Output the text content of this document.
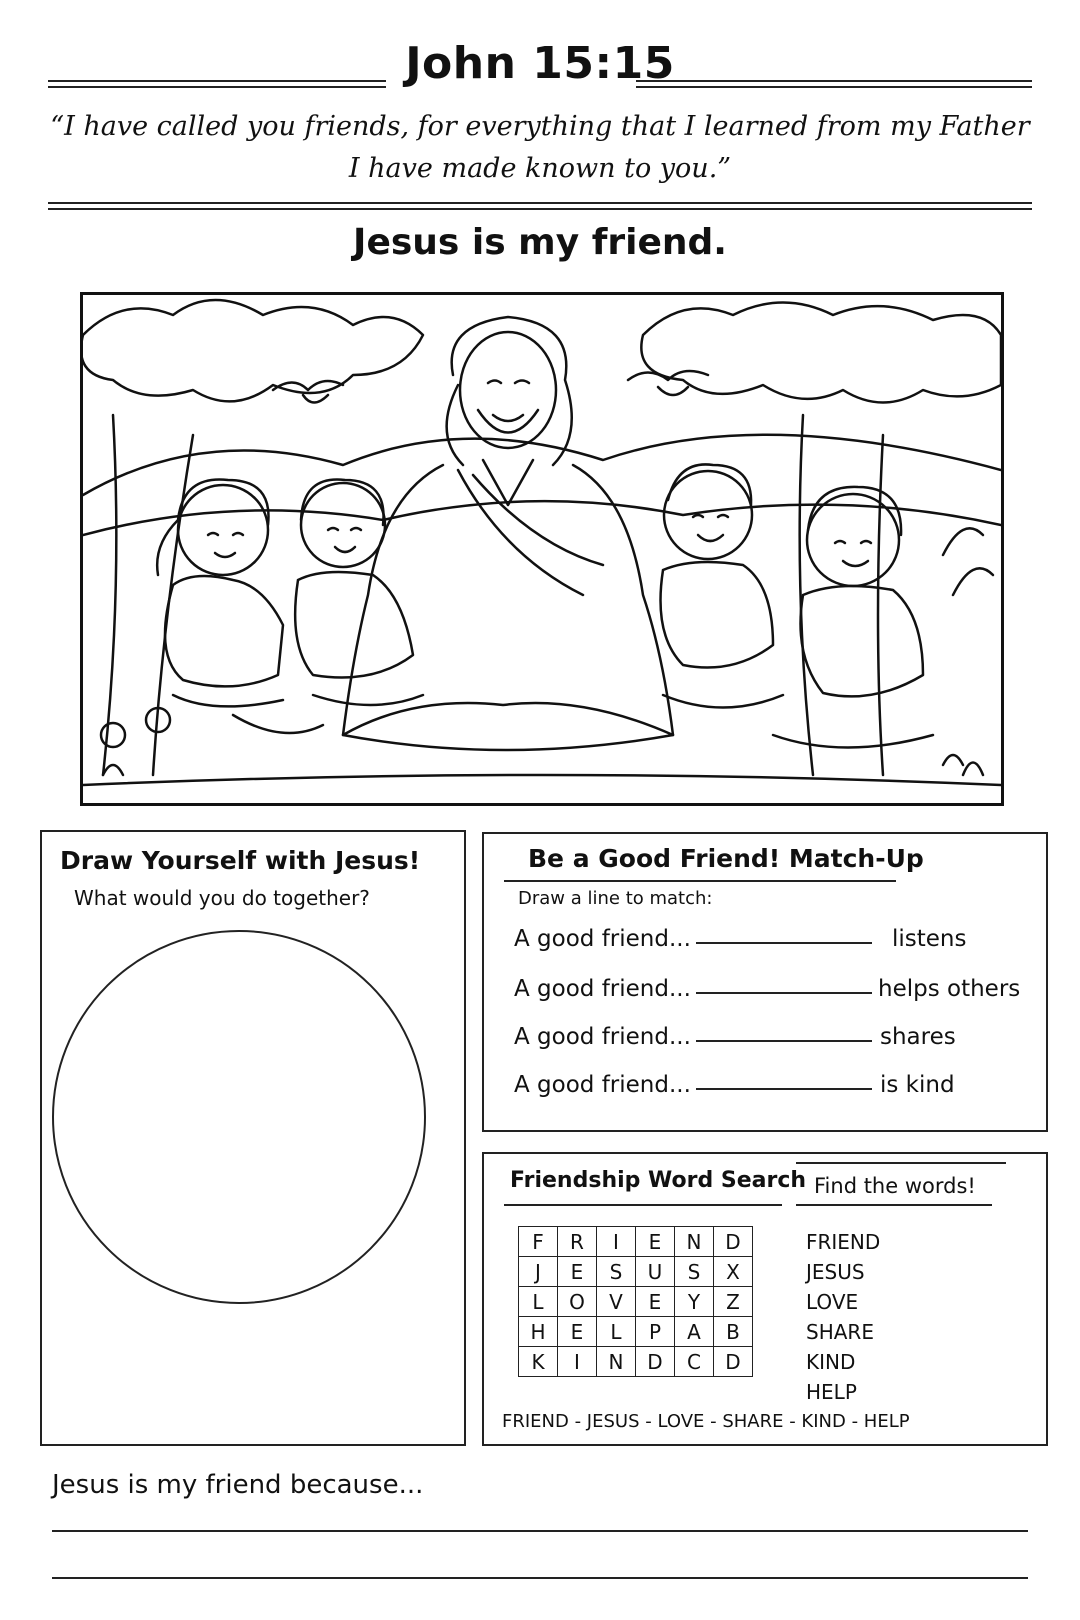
John 15:15
“I have called you friends, for everything that I learned from my Father
I have made known to you.”
Jesus is my friend.
Draw Yourself with Jesus!
What would you do together?
Be a Good Friend! Match-Up
Draw a line to match:
A good friend...	listens
A good friend...	helps others
A good friend...	shares
A good friend...	is kind
Friendship Word Search Find the words!
F	R	I	E	N	D
J	E	S	U	S	X
L	O	V	E	Y	Z
H	E	L	P	A	B
K	I	N	D	C	D
FRIEND
JESUS
LOVE
SHARE
KIND
HELP
FRIEND - JESUS - LOVE - SHARE - KIND - HELP
Jesus is my friend because...
